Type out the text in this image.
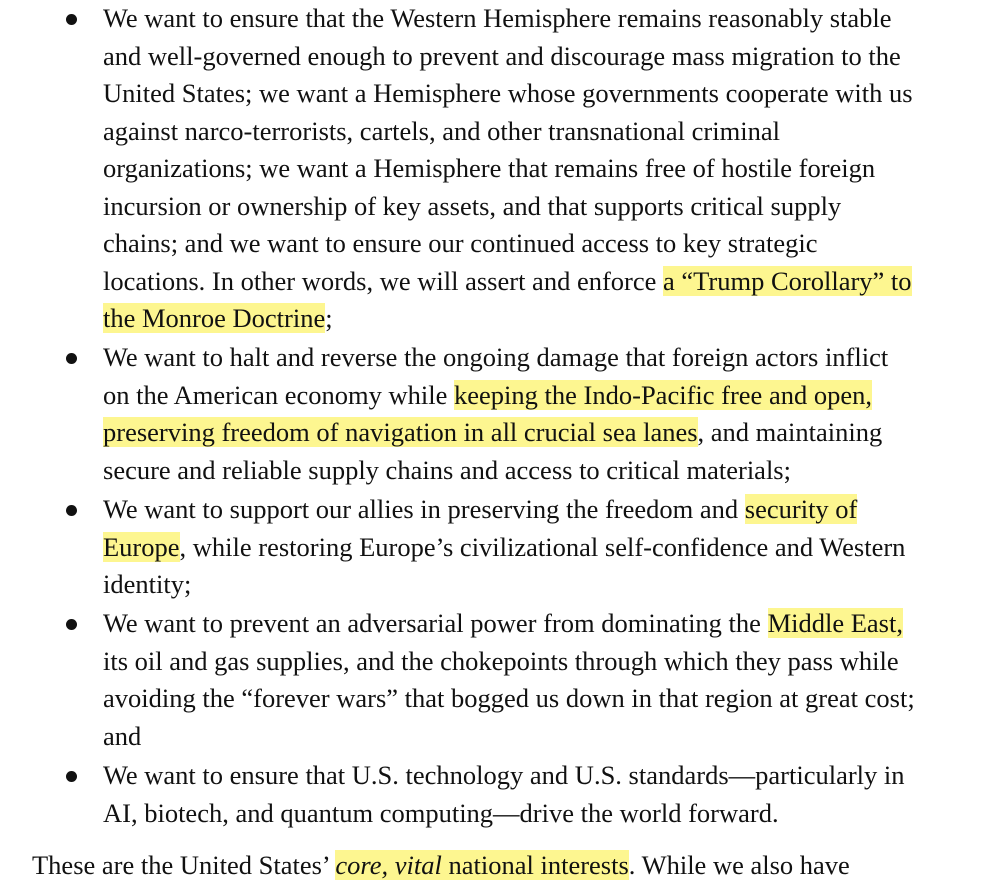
We want to ensure that the Western Hemisphere remains reasonably stable
and well-governed enough to prevent and discourage mass migration to the
United States; we want a Hemisphere whose governments cooperate with us
against narco-terrorists, cartels, and other transnational criminal
organizations; we want a Hemisphere that remains free of hostile foreign
incursion or ownership of key assets, and that supports critical supply
chains; and we want to ensure our continued access to key strategic
locations. In other words, we will assert and enforce a “Trump Corollary” to
the Monroe Doctrine;
We want to halt and reverse the ongoing damage that foreign actors inflict
on the American economy while keeping the Indo-Pacific free and open,
preserving freedom of navigation in all crucial sea lanes, and maintaining
secure and reliable supply chains and access to critical materials;
We want to support our allies in preserving the freedom and security of
Europe, while restoring Europe’s civilizational self-confidence and Western
identity;
We want to prevent an adversarial power from dominating the Middle East,
its oil and gas supplies, and the chokepoints through which they pass while
avoiding the “forever wars” that bogged us down in that region at great cost;
and
We want to ensure that U.S. technology and U.S. standards—particularly in
AI, biotech, and quantum computing—drive the world forward.

These are the United States’ core, vital national interests. While we also have
